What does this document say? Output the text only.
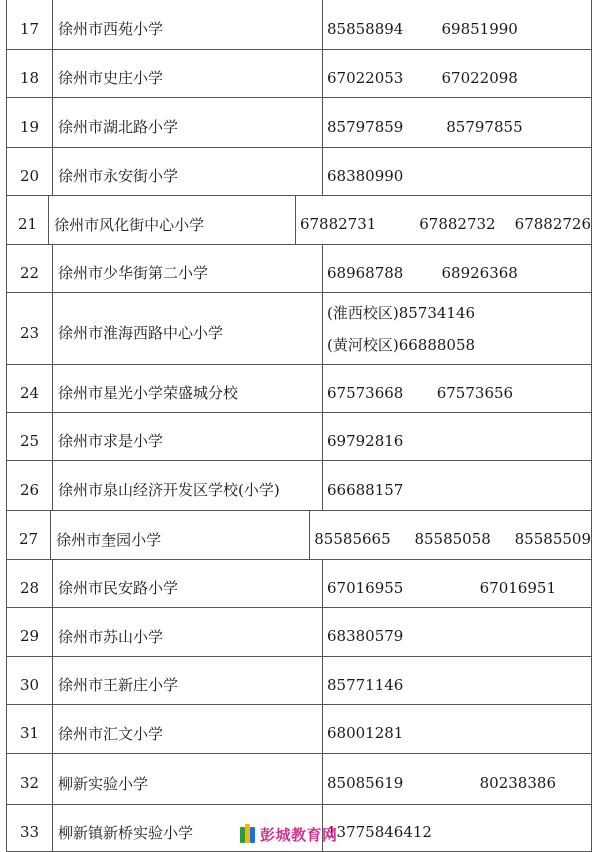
17 徐州市西苑小学	85858894        69851990
18 徐州市史庄小学	67022053        67022098
19 徐州市湖北路小学	85797859         85797855
20 徐州市永安街小学	68380990
21 徐州市风化街中心小学	67882731         67882732    67882726
22 徐州市少华街第二小学	68968788        68926368
23 徐州市淮海西路中心小学
(淮西校区)85734146
(黄河校区)66888058
24 徐州市星光小学荣盛城分校	67573668       67573656
25 徐州市求是小学	69792816
26 徐州市泉山经济开发区学校(小学)	66688157
27 徐州市奎园小学	85585665     85585058     85585509
28 徐州市民安路小学	67016955                67016951
29 徐州市苏山小学	68380579
30 徐州市王新庄小学	85771146
31 徐州市汇文小学	68001281
32 柳新实验小学	85085619                80238386
33 柳新镇新桥实验小学	13775846412
彭城教育网
